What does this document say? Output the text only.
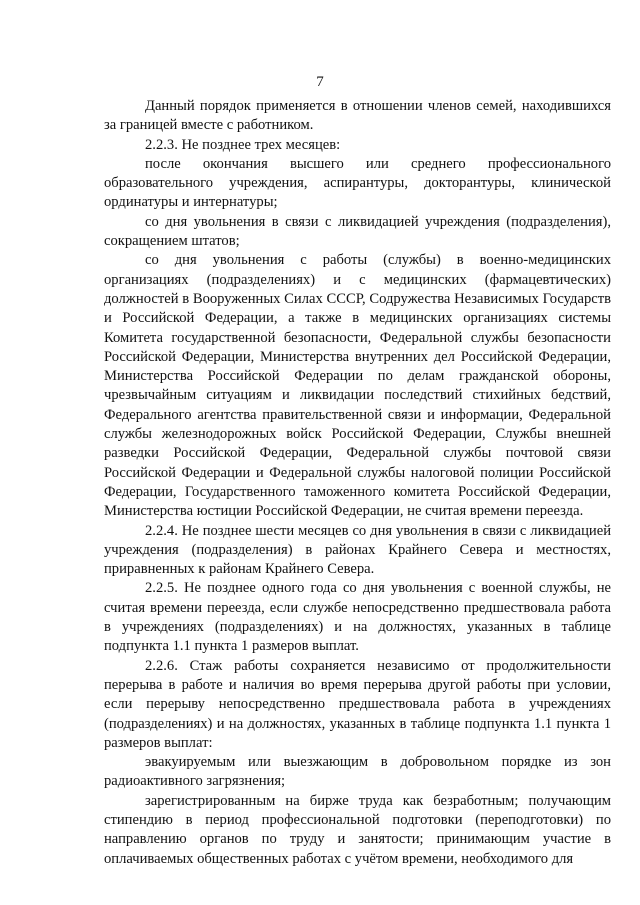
7

Данный порядок применяется в отношении членов семей, находившихся за границей вместе с работником.

2.2.3. Не позднее трех месяцев:

после окончания высшего или среднего профессионального образовательного учреждения, аспирантуры, докторантуры, клинической ординатуры и интернатуры;

со дня увольнения в связи с ликвидацией учреждения (подразделения), сокращением штатов;

со дня увольнения с работы (службы) в военно-медицинских организациях (подразделениях) и с медицинских (фармацевтических) должностей в Вооруженных Силах СССР, Содружества Независимых Государств и Российской Федерации, а также в медицинских организациях системы Комитета государственной безопасности, Федеральной службы безопасности Российской Федерации, Министерства внутренних дел Российской Федерации, Министерства Российской Федерации по делам гражданской обороны, чрезвычайным ситуациям и ликвидации последствий стихийных бедствий, Федерального агентства правительственной связи и информации, Федеральной службы железнодорожных войск Российской Федерации, Службы внешней разведки Российской Федерации, Федеральной службы почтовой связи Российской Федерации и Федеральной службы налоговой полиции Российской Федерации, Государственного таможенного комитета Российской Федерации, Министерства юстиции Российской Федерации, не считая времени переезда.

2.2.4. Не позднее шести месяцев со дня увольнения в связи с ликвидацией учреждения (подразделения) в районах Крайнего Севера и местностях, приравненных к районам Крайнего Севера.

2.2.5. Не позднее одного года со дня увольнения с военной службы, не считая времени переезда, если службе непосредственно предшествовала работа в учреждениях (подразделениях) и на должностях, указанных в таблице подпункта 1.1 пункта 1 размеров выплат.

2.2.6. Стаж работы сохраняется независимо от продолжительности перерыва в работе и наличия во время перерыва другой работы при условии, если перерыву непосредственно предшествовала работа в учреждениях (подразделениях) и на должностях, указанных в таблице подпункта 1.1 пункта 1 размеров выплат:

эвакуируемым или выезжающим в добровольном порядке из зон радиоактивного загрязнения;

зарегистрированным на бирже труда как безработным; получающим стипендию в период профессиональной подготовки (переподготовки) по направлению органов по труду и занятости; принимающим участие в оплачиваемых общественных работах с учётом времени, необходимого для
